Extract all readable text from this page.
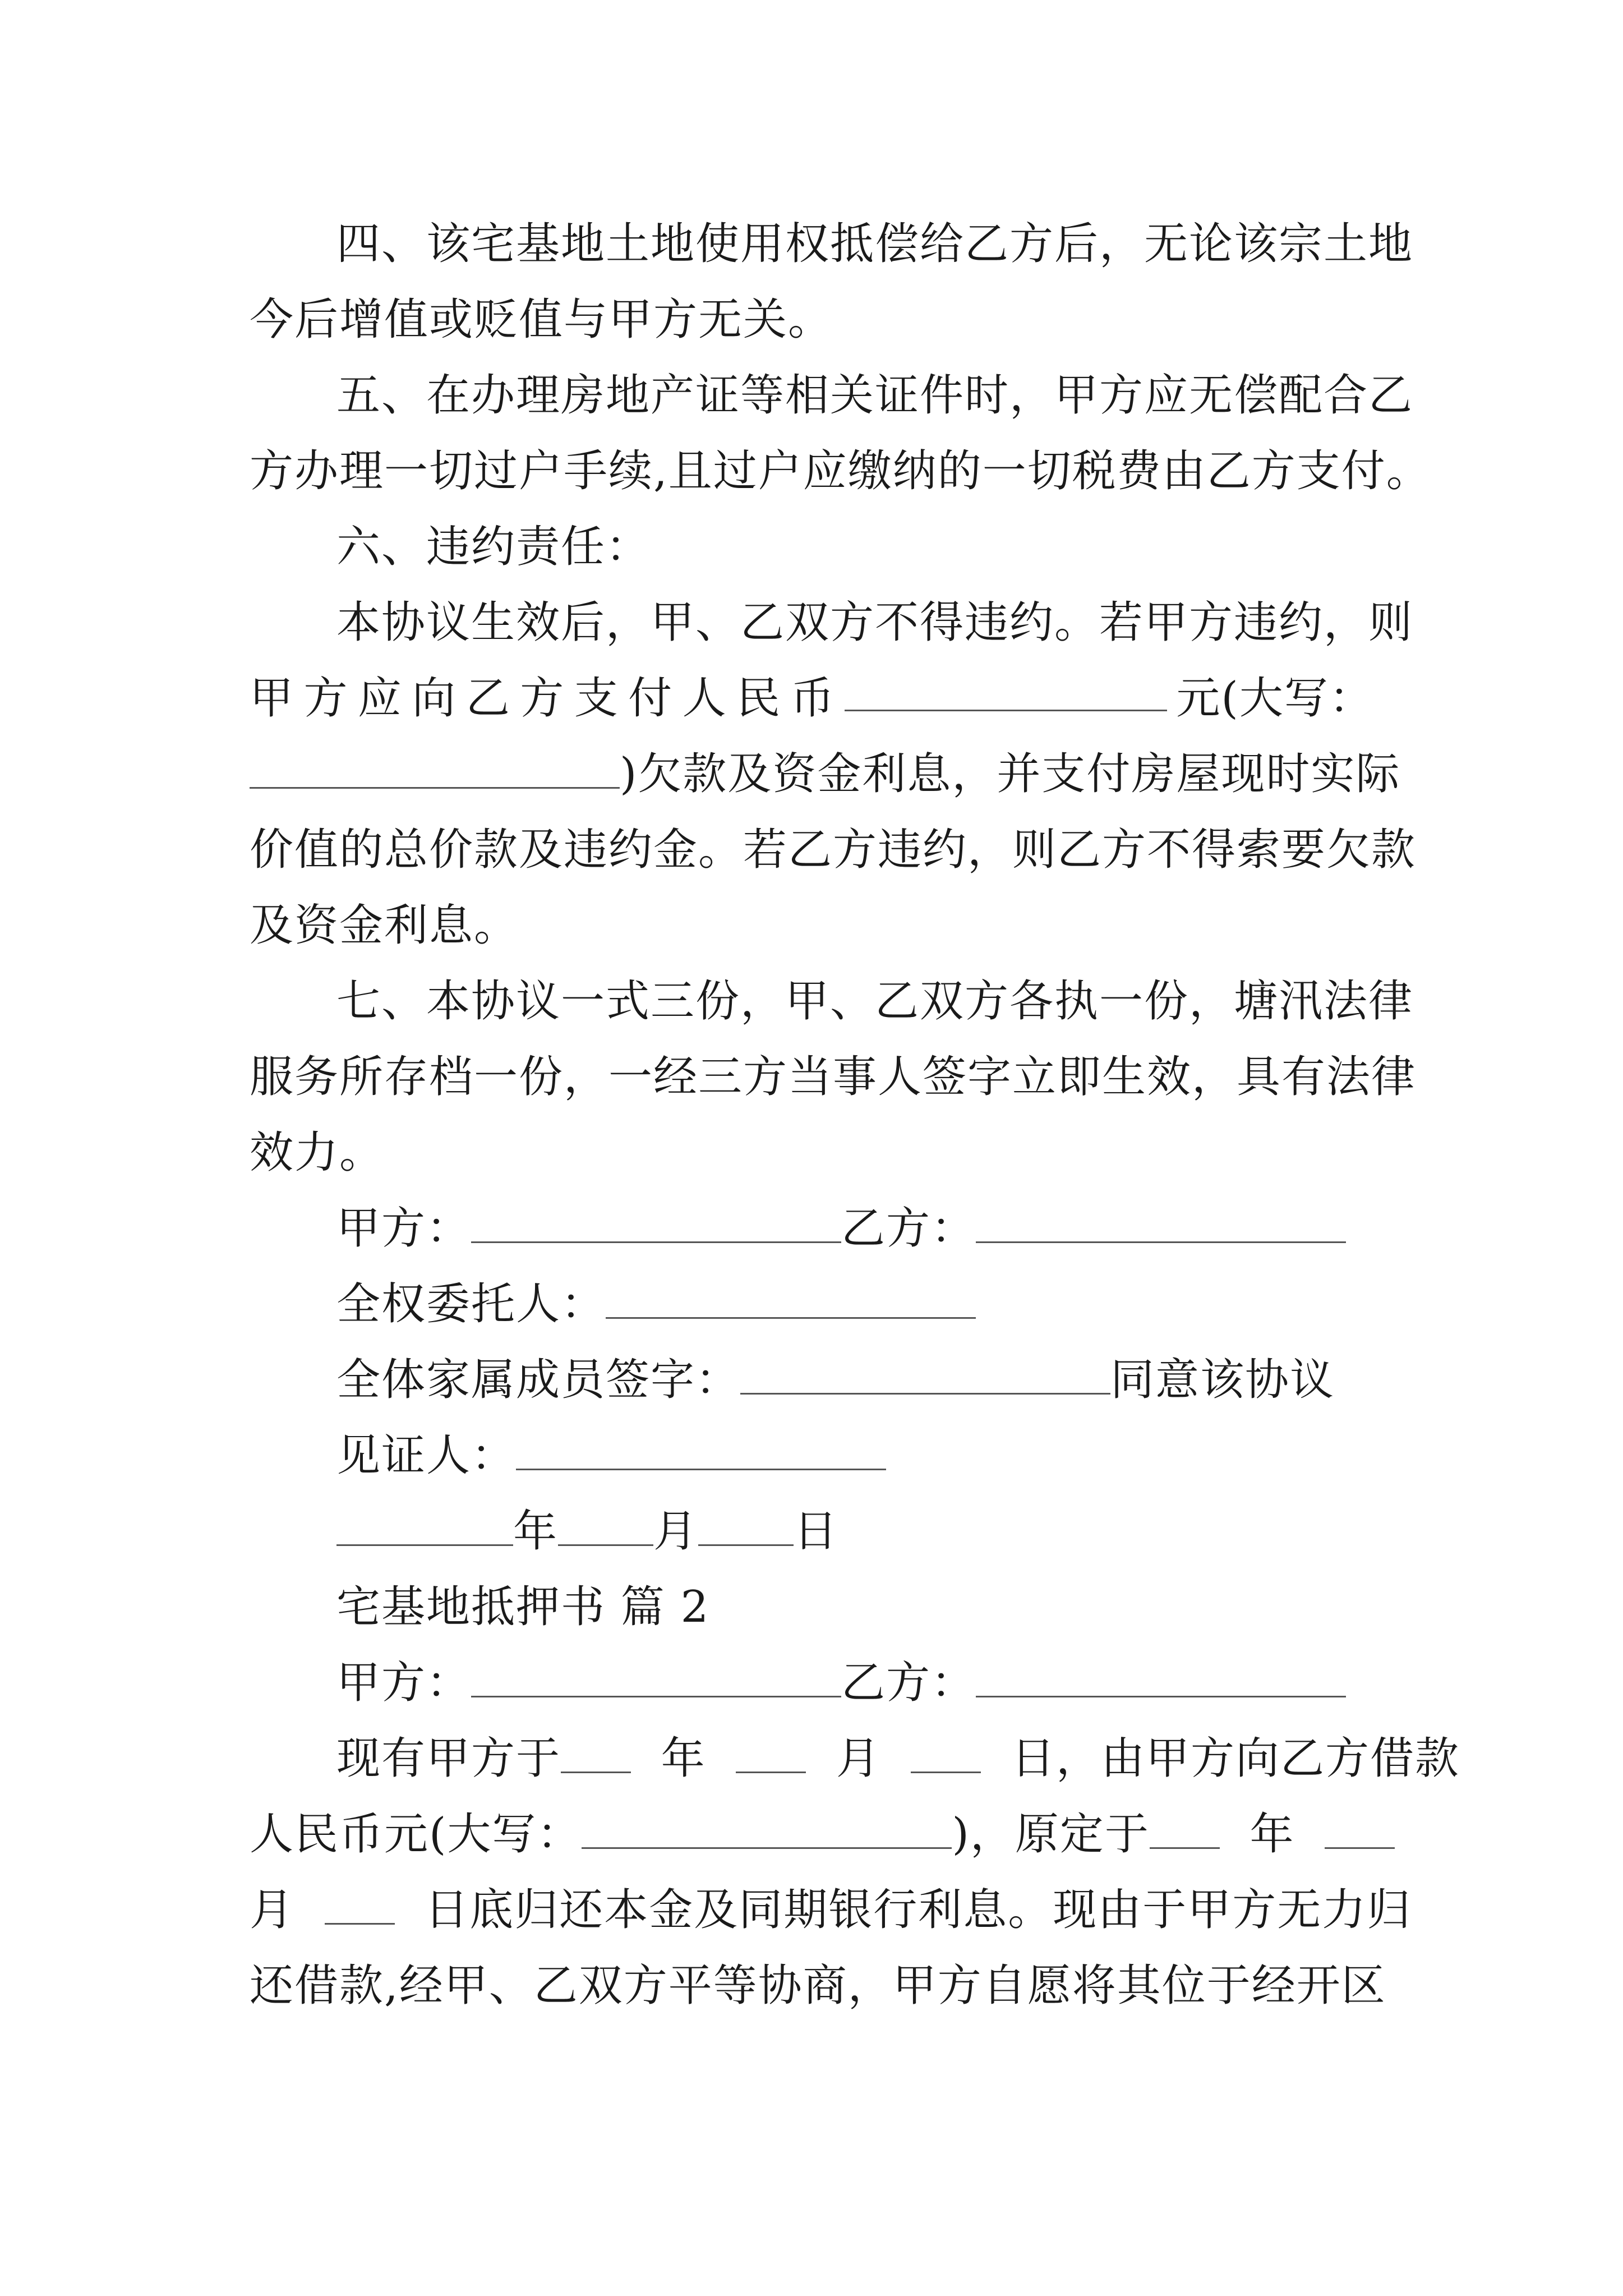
四、该宅基地土地使用权抵偿给乙方后，无论该宗土地
今后增值或贬值与甲方无关。
五、在办理房地产证等相关证件时，甲方应无偿配合乙
方办理一切过户手续,且过户应缴纳的一切税费由乙方支付。
六、违约责任：
本协议生效后，甲、乙双方不得违约。若甲方违约，则
甲 方 应 向 乙 方 支 付 人 民 币	元(大写：
)欠款及资金利息，并支付房屋现时实际
价值的总价款及违约金。若乙方违约，则乙方不得索要欠款
及资金利息。
七、本协议一式三份，甲、乙双方各执一份，塘汛法律
服务所存档一份，一经三方当事人签字立即生效，具有法律
效力。
甲方：	乙方：
全权委托人：
全体家属成员签字：	同意该协议
见证人：
年 月 日
宅基地抵押书 篇 2
甲方：	乙方：
现有甲方于 年	月	日，由甲方向乙方借款
人民币元(大写：	)，原定于 年
月	日底归还本金及同期银行利息。现由于甲方无力归
还借款,经甲、乙双方平等协商，甲方自愿将其位于经开区
